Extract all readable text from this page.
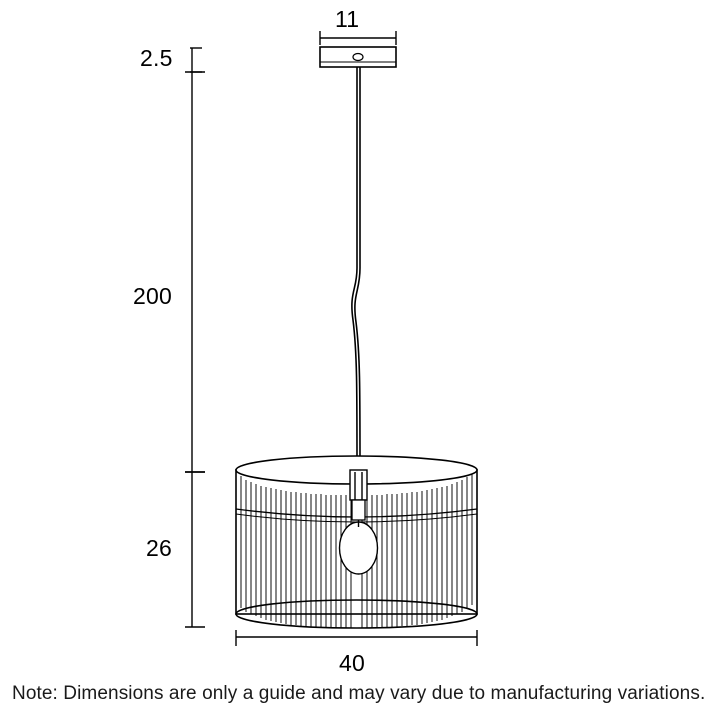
11
2.5
200
26
40
Note: Dimensions are only a guide and may vary due to manufacturing variations.
